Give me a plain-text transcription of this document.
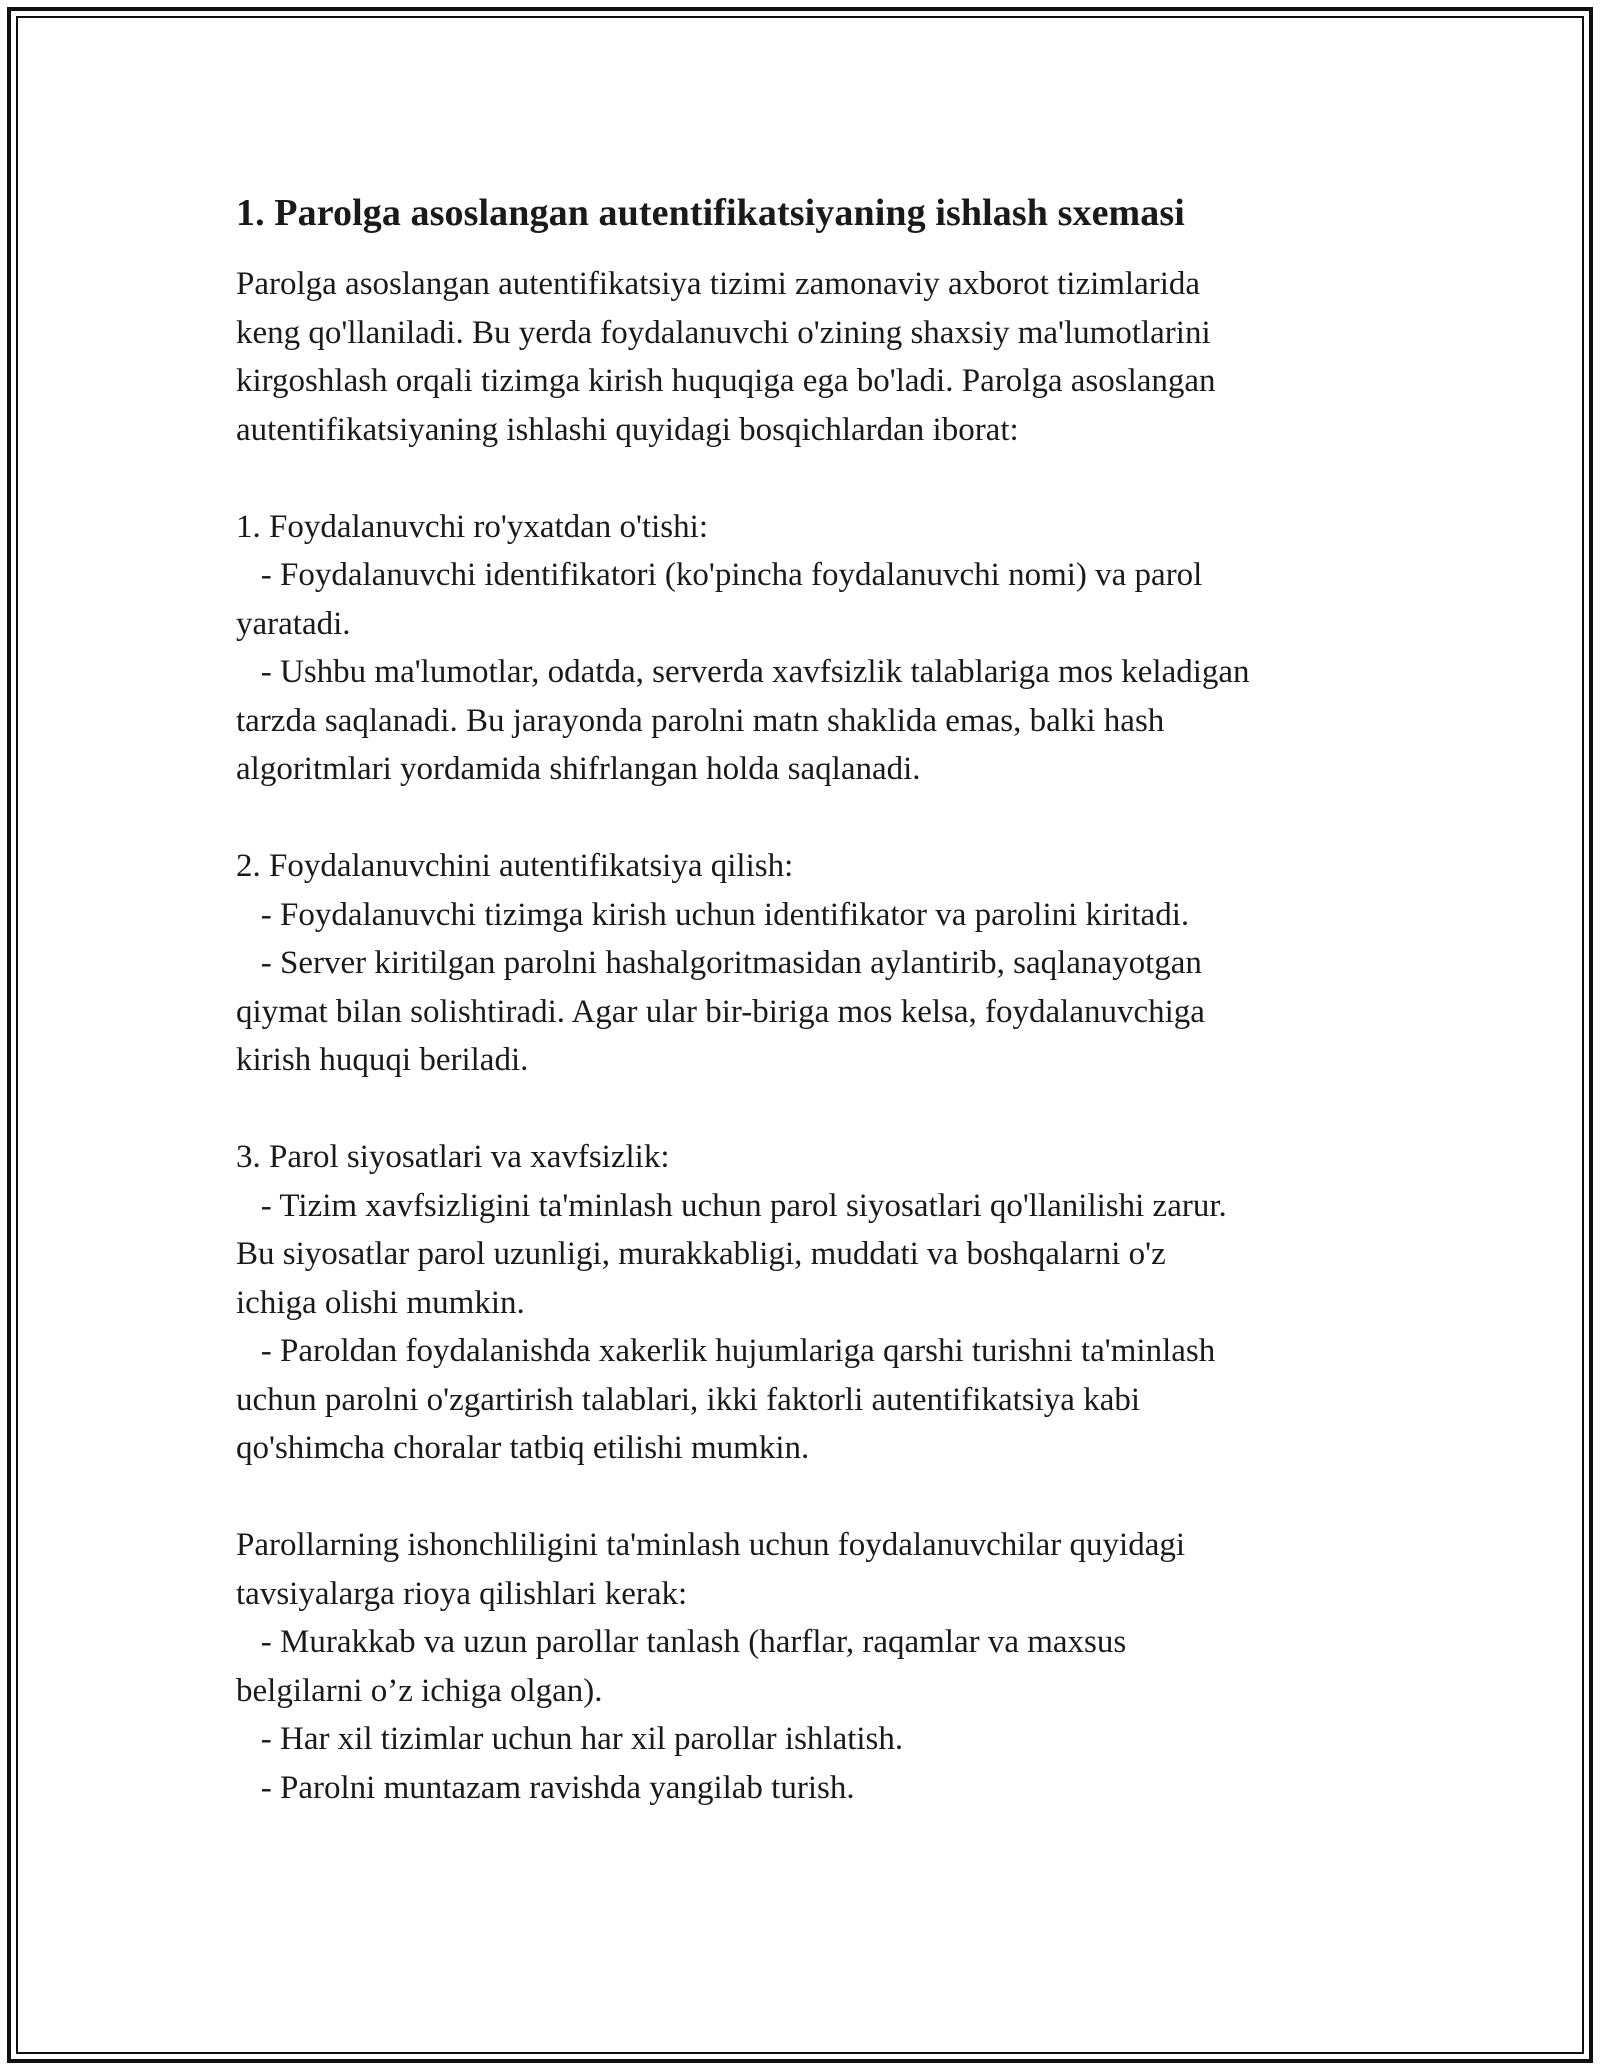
1. Parolga asoslangan autentifikatsiyaning ishlash sxemasi

Parolga asoslangan autentifikatsiya tizimi zamonaviy axborot tizimlarida

keng qo'llaniladi. Bu yerda foydalanuvchi o'zining shaxsiy ma'lumotlarini

kirgoshlash orqali tizimga kirish huquqiga ega bo'ladi. Parolga asoslangan

autentifikatsiyaning ishlashi quyidagi bosqichlardan iborat:

1. Foydalanuvchi ro'yxatdan o'tishi:

- Foydalanuvchi identifikatori (ko'pincha foydalanuvchi nomi) va parol

yaratadi.

- Ushbu ma'lumotlar, odatda, serverda xavfsizlik talablariga mos keladigan

tarzda saqlanadi. Bu jarayonda parolni matn shaklida emas, balki hash

algoritmlari yordamida shifrlangan holda saqlanadi.

2. Foydalanuvchini autentifikatsiya qilish:

- Foydalanuvchi tizimga kirish uchun identifikator va parolini kiritadi.

- Server kiritilgan parolni hashalgoritmasidan aylantirib, saqlanayotgan

qiymat bilan solishtiradi. Agar ular bir-biriga mos kelsa, foydalanuvchiga

kirish huquqi beriladi.

3. Parol siyosatlari va xavfsizlik:

- Tizim xavfsizligini ta'minlash uchun parol siyosatlari qo'llanilishi zarur.

Bu siyosatlar parol uzunligi, murakkabligi, muddati va boshqalarni o'z

ichiga olishi mumkin.

- Paroldan foydalanishda xakerlik hujumlariga qarshi turishni ta'minlash

uchun parolni o'zgartirish talablari, ikki faktorli autentifikatsiya kabi

qo'shimcha choralar tatbiq etilishi mumkin.

Parollarning ishonchliligini ta'minlash uchun foydalanuvchilar quyidagi

tavsiyalarga rioya qilishlari kerak:

- Murakkab va uzun parollar tanlash (harflar, raqamlar va maxsus

belgilarni o’z ichiga olgan).

- Har xil tizimlar uchun har xil parollar ishlatish.

- Parolni muntazam ravishda yangilab turish.
